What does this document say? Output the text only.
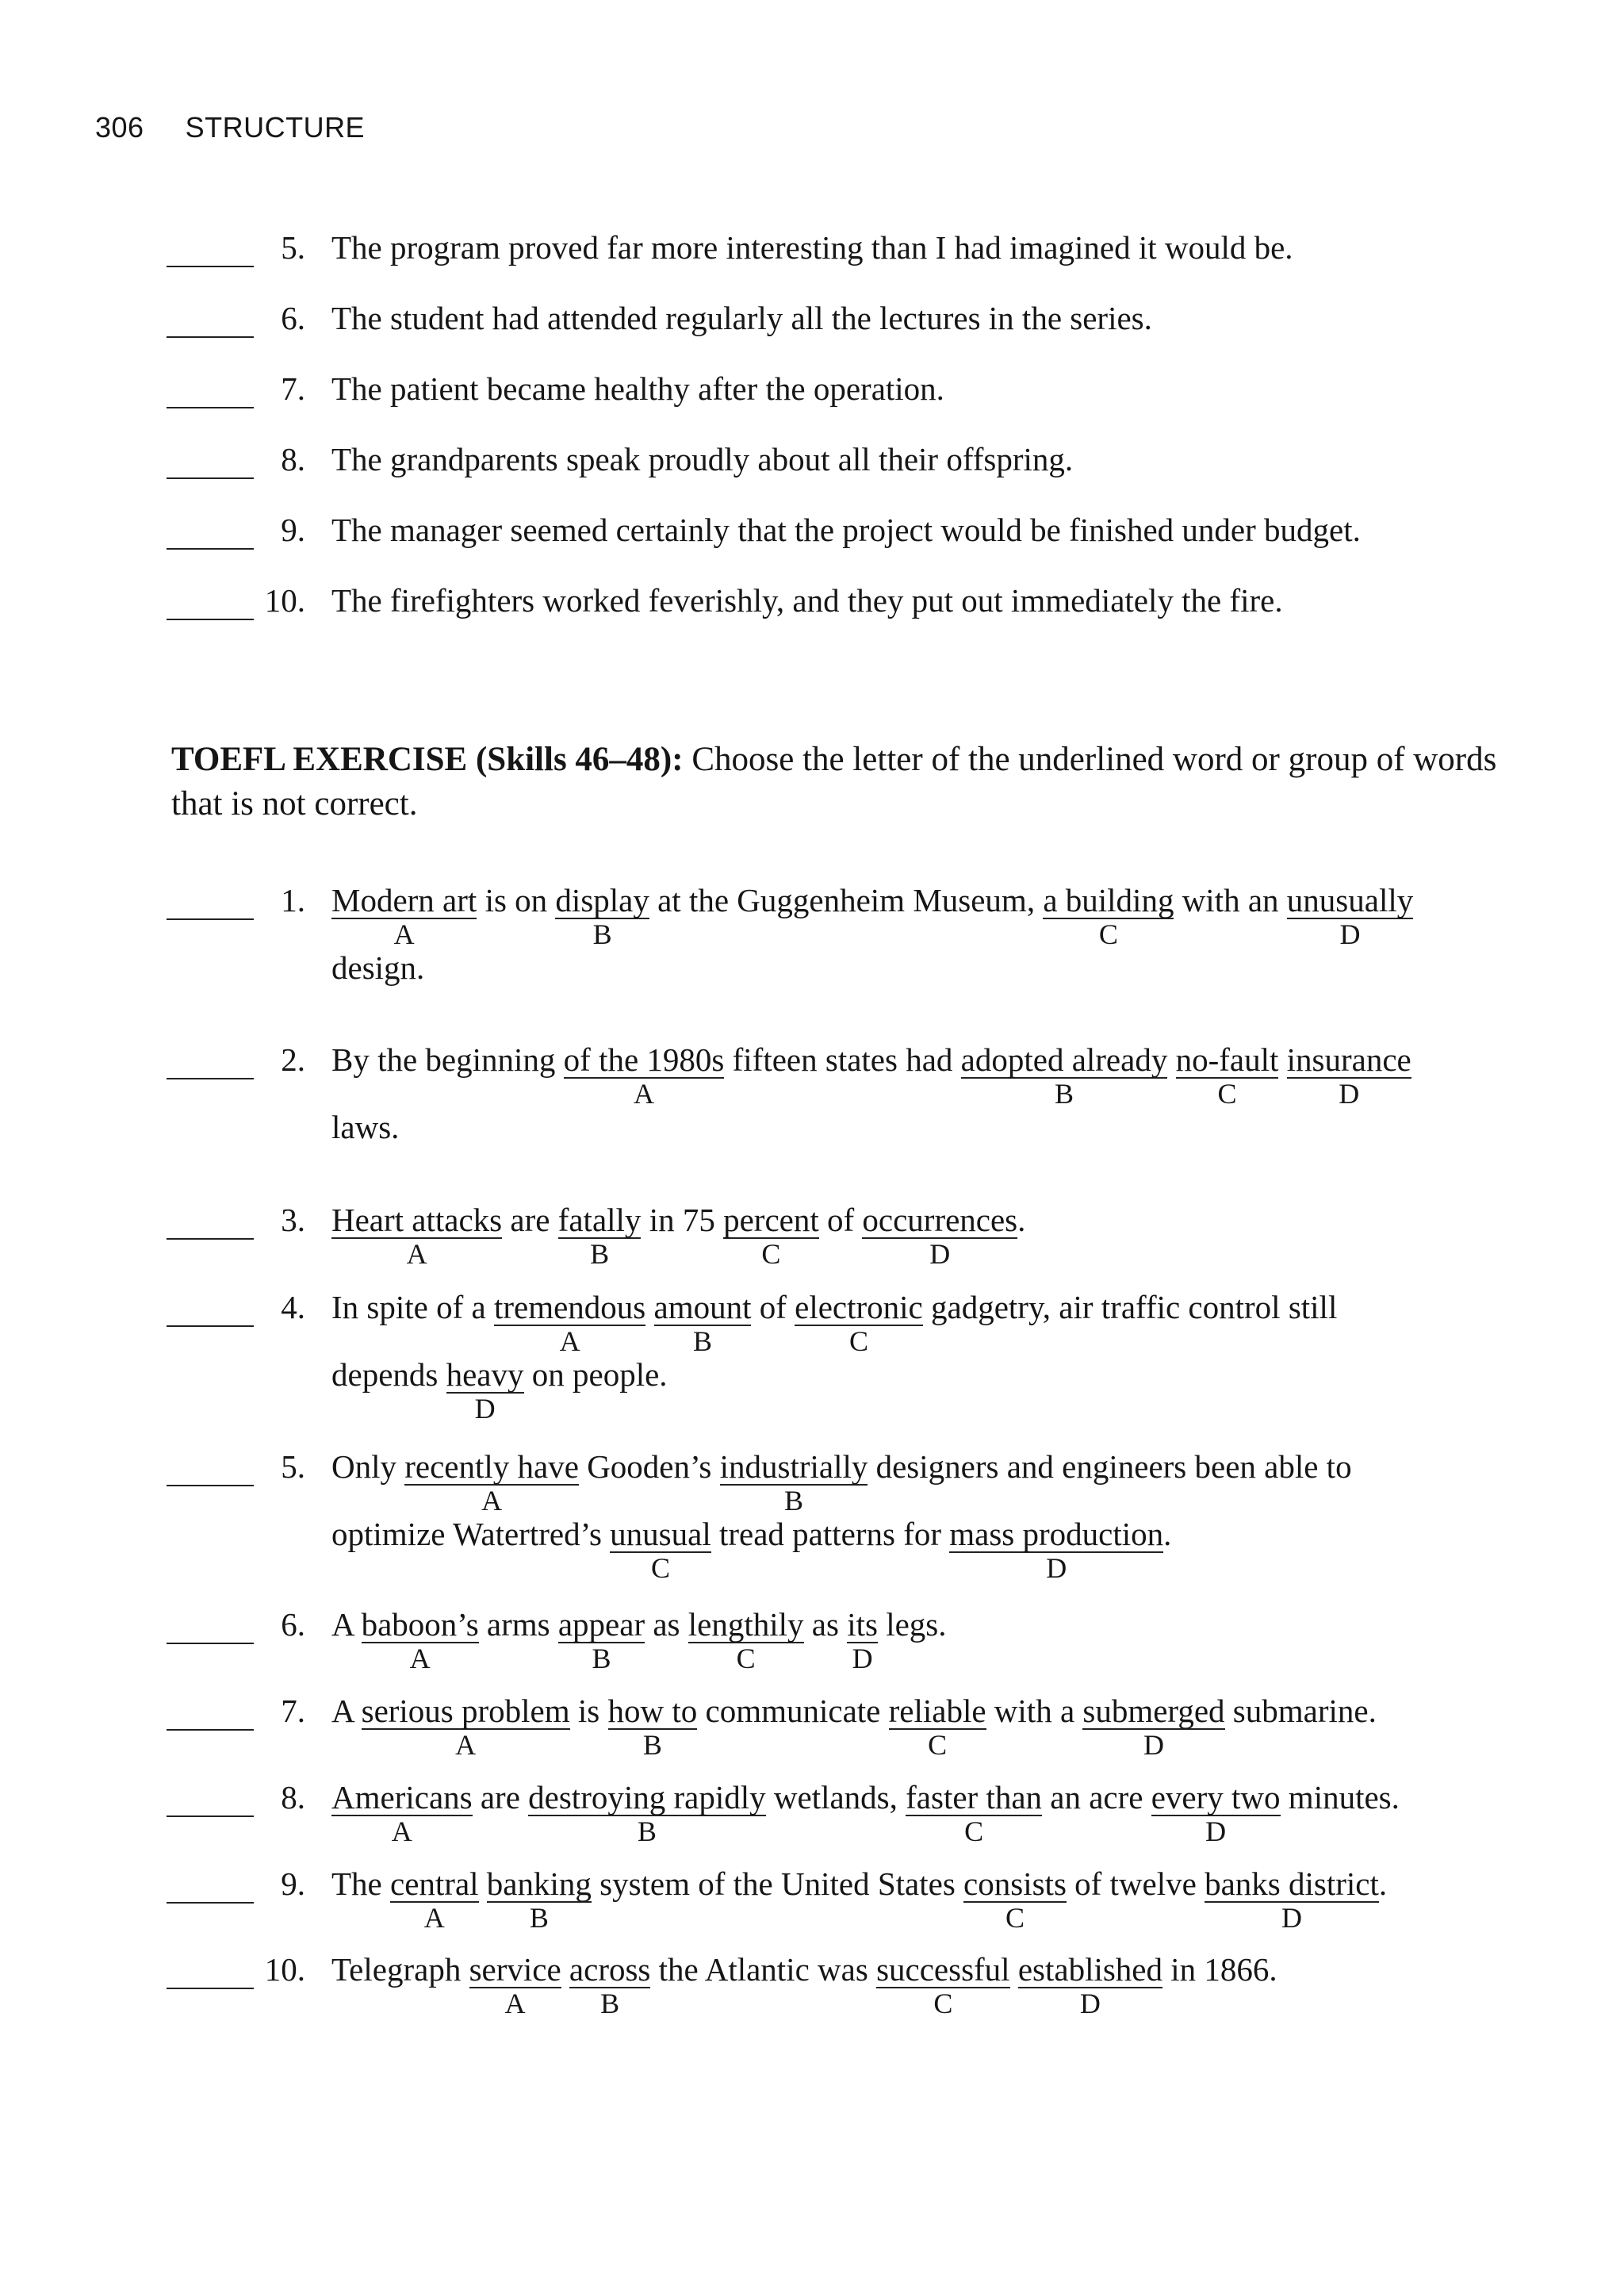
306 STRUCTURE
5. The program proved far more interesting than I had imagined it would be.
6. The student had attended regularly all the lectures in the series.
7. The patient became healthy after the operation.
8. The grandparents speak proudly about all their offspring.
9. The manager seemed certainly that the project would be finished under budget.
10. The firefighters worked feverishly, and they put out immediately the fire.
TOEFL EXERCISE (Skills 46–48): Choose the letter of the underlined word or group of words that is not correct.
1. Modern art
A
is on display
B
at the Guggenheim Museum, a building
C
with an unusually
D
design.
2. By the beginning of the 1980s
A
fifteen states had adopted already
B
no-fault
C
insurance
D
laws.
3. Heart attacks
A
are fatally
B
in 75 percent
C
of occurrences
D
.
4. In spite of a tremendous
A
amount
B
of electronic
C
gadgetry, air traffic control still
depends heavy
D
on people.
5. Only recently have
A
Gooden’s industrially
B
designers and engineers been able to
optimize Watertred’s unusual
C
tread patterns for mass production
D
.
6. A baboon’s
A
arms appear
B
as lengthily
C
as its
D
legs.
7. A serious problem
A
is how to
B
communicate reliable
C
with a submerged
D
submarine.
8. Americans
A
are destroying rapidly
B
wetlands, faster than
C
an acre every two
D
minutes.
9. The central
A
banking
B
system of the United States consists
C
of twelve banks district
D
.
10. Telegraph service
A
across
B
the Atlantic was successful
C
established
D
in 1866.
